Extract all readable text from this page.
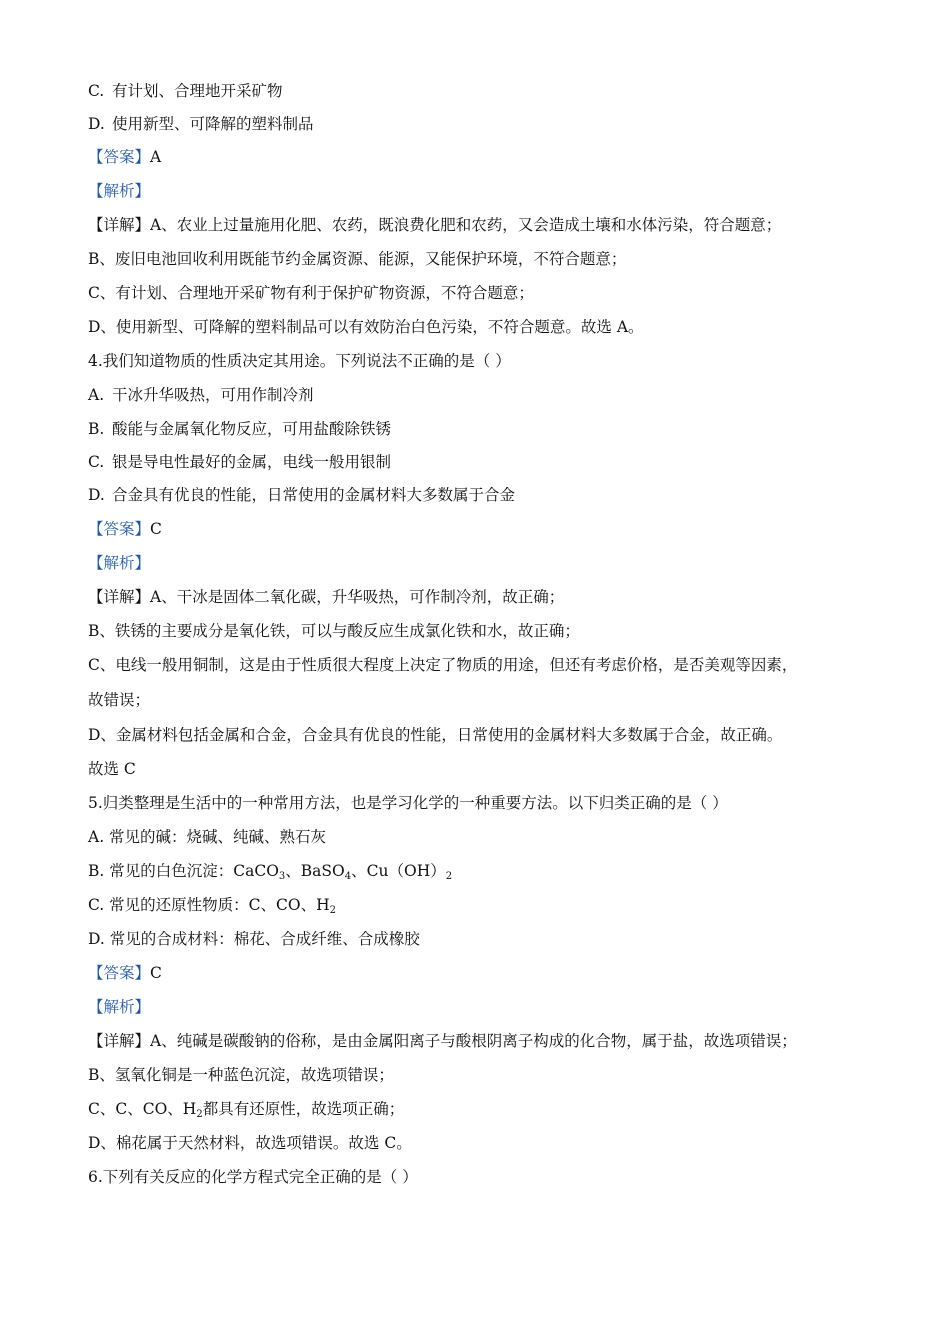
C. 有计划、合理地开采矿物
D. 使用新型、可降解的塑料制品
【答案】A
【解析】
【详解】A、农业上过量施用化肥、农药，既浪费化肥和农药，又会造成土壤和水体污染，符合题意；
B、废旧电池回收利用既能节约金属资源、能源，又能保护环境，不符合题意；
C、有计划、合理地开采矿物有利于保护矿物资源，不符合题意；
D、使用新型、可降解的塑料制品可以有效防治白色污染，不符合题意。故选 A。
4.我们知道物质的性质决定其用途。下列说法不正确的是（ ）
A. 干冰升华吸热，可用作制冷剂
B. 酸能与金属氧化物反应，可用盐酸除铁锈
C. 银是导电性最好的金属，电线一般用银制
D. 合金具有优良的性能，日常使用的金属材料大多数属于合金
【答案】C
【解析】
【详解】A、干冰是固体二氧化碳，升华吸热，可作制冷剂，故正确；
B、铁锈的主要成分是氧化铁，可以与酸反应生成氯化铁和水，故正确；
C、电线一般用铜制，这是由于性质很大程度上决定了物质的用途，但还有考虑价格，是否美观等因素，
故错误；
D、金属材料包括金属和合金，合金具有优良的性能，日常使用的金属材料大多数属于合金，故正确。
故选 C
5.归类整理是生活中的一种常用方法，也是学习化学的一种重要方法。以下归类正确的是（ ）
A. 常见的碱：烧碱、纯碱、熟石灰
B. 常见的白色沉淀：CaCO$_3$、BaSO$_4$、$Cu(OH)_2$
C. 常见的还原性物质：C、CO、$H_2$
D. 常见的合成材料：棉花、合成纤维、合成橡胶
【答案】C
【解析】
【详解】A、纯碱是碳酸钠的俗称，是由金属阳离子与酸根阴离子构成的化合物，属于盐，故选项错误；
B、氢氧化铜是一种蓝色沉淀，故选项错误；
C、C、CO、$H_2$都具有还原性，故选项正确；
D、棉花属于天然材料，故选项错误。故选 C。
6.下列有关反应的化学方程式完全正确的是（ ）
